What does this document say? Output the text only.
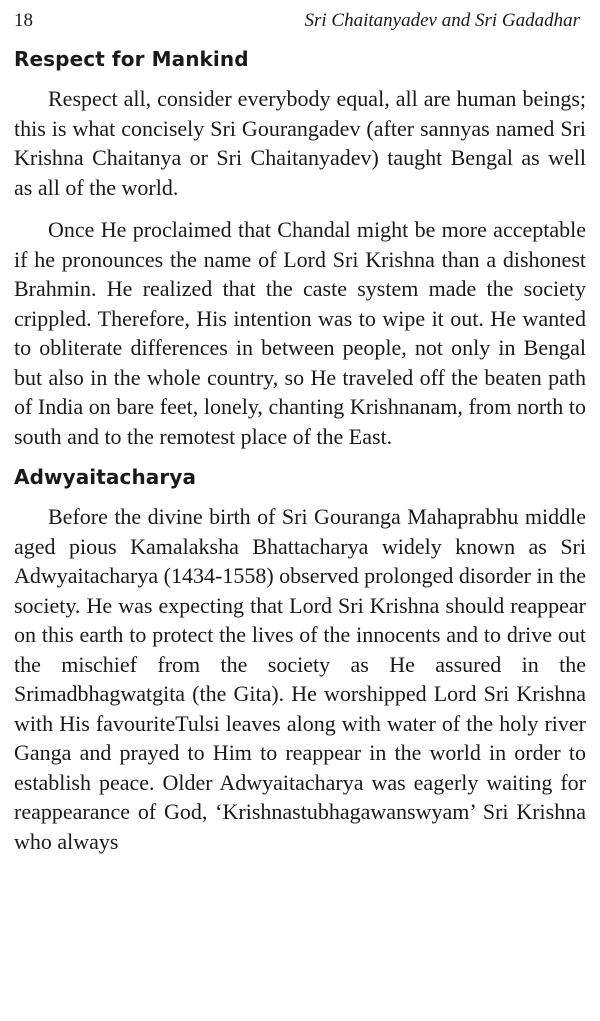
18	Sri Chaitanyadev and Sri Gadadhar
Respect for Mankind

Respect all, consider everybody equal, all are human beings; this is what concisely Sri Gourangadev (after sannyas named Sri Krishna Chaitanya or Sri Chaitanyadev) taught Bengal as well as all of the world.

Once He proclaimed that Chandal might be more acceptable if he pronounces the name of Lord Sri Krishna than a dishonest Brahmin. He realized that the caste system made the society crippled. Therefore, His intention was to wipe it out. He wanted to obliterate differences in between people, not only in Bengal but also in the whole country, so He traveled off the beaten path of India on bare feet, lonely, chanting Krishnanam, from north to south and to the remotest place of the East.

Adwyaitacharya

Before the divine birth of Sri Gouranga Mahaprabhu middle aged pious Kamalaksha Bhattacharya widely known as Sri Adwyaitacharya (1434-1558) observed prolonged disorder in the society. He was expecting that Lord Sri Krishna should reappear on this earth to protect the lives of the innocents and to drive out the mischief from the society as He assured in the Srimadbhagwatgita (the Gita). He worshipped Lord Sri Krishna with His favouriteTulsi leaves along with water of the holy river Ganga and prayed to Him to reappear in the world in order to establish peace. Older Adwyaitacharya was eagerly waiting for reappearance of God, ‘Krishnastubhagawanswyam’ Sri Krishna who always
